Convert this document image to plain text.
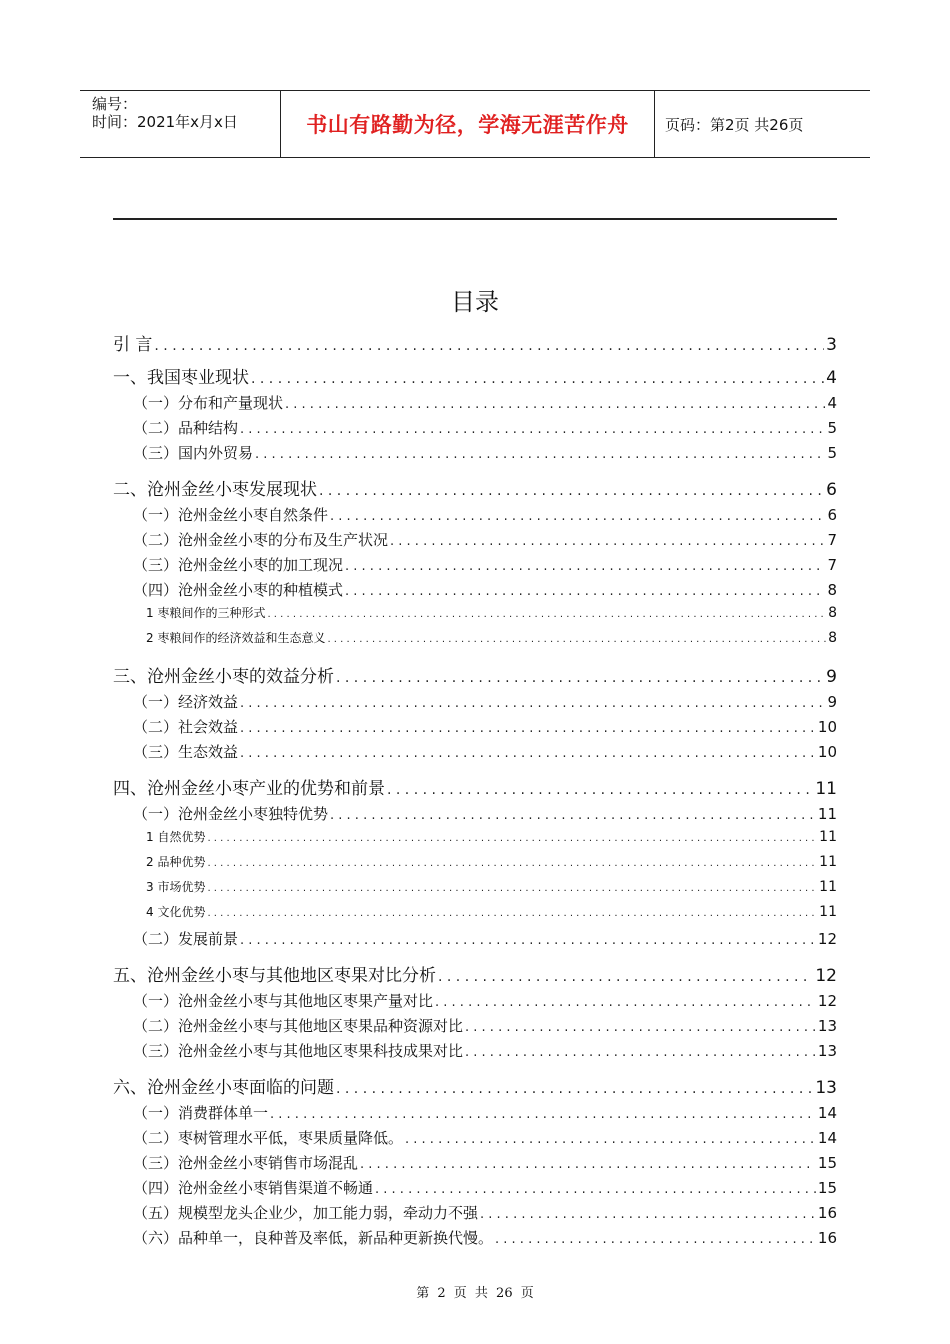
编号：
时间：2021年x月x日	书山有路勤为径，学海无涯苦作舟	页码：第2页 共26页
目录
引 言 . . .	3
一、我国枣业现状 . . .	4
（一）分布和产量现状 . . .	4
（二）品种结构 . . .	5
（三）国内外贸易 . . .	5
二、沧州金丝小枣发展现状 . . .	6
（一）沧州金丝小枣自然条件 . . .	6
（二）沧州金丝小枣的分布及生产状况 . . .	7
（三）沧州金丝小枣的加工现况 . . .	7
（四）沧州金丝小枣的种植模式 . . .	8
1 枣粮间作的三种形式 . . .	8
2 枣粮间作的经济效益和生态意义 . . .	8
三、沧州金丝小枣的效益分析 . . .	9
（一）经济效益 . . .	9
（二）社会效益 . . .	10
（三）生态效益 . . .	10
四、沧州金丝小枣产业的优势和前景 . . .	11
（一）沧州金丝小枣独特优势 . . .	11
1 自然优势 . . .	11
2 品种优势 . . .	11
3 市场优势 . . .	11
4 文化优势 . . .	11
（二）发展前景 . . .	12
五、沧州金丝小枣与其他地区枣果对比分析 . . .	12
（一）沧州金丝小枣与其他地区枣果产量对比 . . .	12
（二）沧州金丝小枣与其他地区枣果品种资源对比 . . .	13
（三）沧州金丝小枣与其他地区枣果科技成果对比 . . .	13
六、沧州金丝小枣面临的问题 . . .	13
（一）消费群体单一 . . .	14
（二）枣树管理水平低，枣果质量降低。 . . .	14
（三）沧州金丝小枣销售市场混乱 . . .	15
（四）沧州金丝小枣销售渠道不畅通 . . .	15
（五）规模型龙头企业少，加工能力弱，牵动力不强 . . .	16
（六）品种单一，良种普及率低，新品种更新换代慢。 . . .	16
第 2 页 共 26 页
